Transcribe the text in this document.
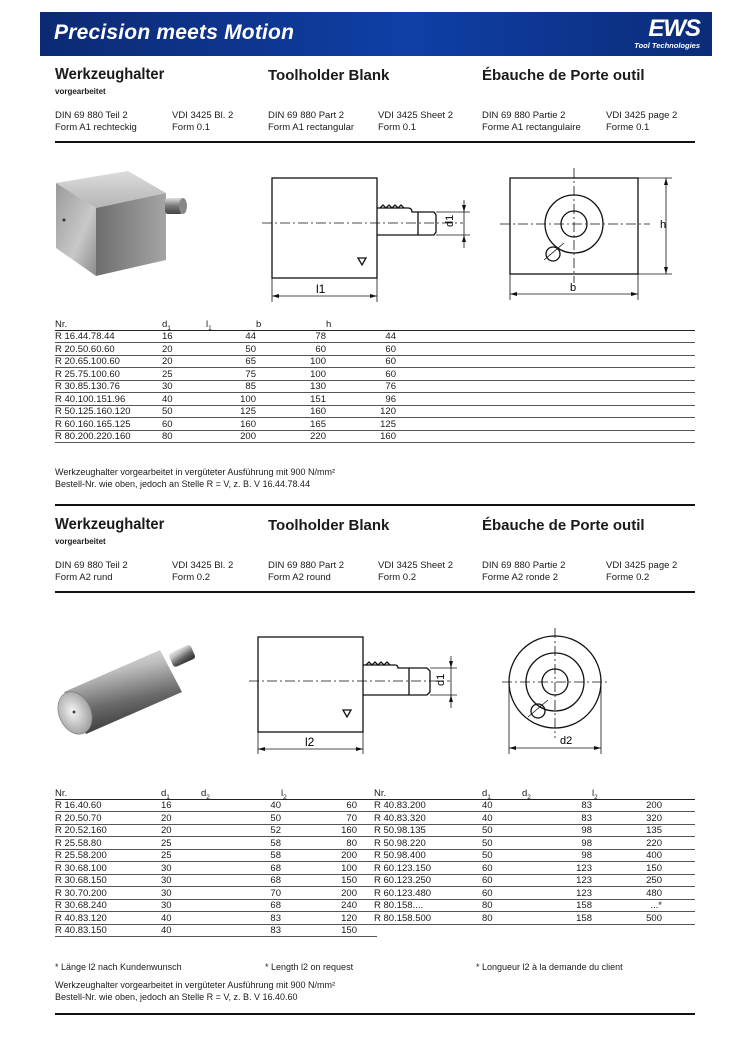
Precision meets Motion	EWS
Tool Technologies
Werkzeughalter
vorgearbeitet
Toolholder Blank	Ébauche de Porte outil
DIN 69 880 Teil 2
Form A1 rechteckig
VDI 3425 Bl. 2
Form 0.1
DIN 69 880 Part 2
Form A1 rectangular
VDI 3425 Sheet 2
Form 0.1
DIN 69 880 Partie 2
Forme A1 rectangulaire
VDI 3425 page 2
Forme 0.1
d1
l1
h
b
Nr.	$d_1$	$l_1$	b	h	
R 16.44.78.44	16	44	78	44	
R 20.50.60.60	20	50	60	60	
R 20.65.100.60	20	65	100	60	
R 25.75.100.60	25	75	100	60	
R 30.85.130.76	30	85	130	76	
R 40.100.151.96	40	100	151	96	
R 50.125.160.120	50	125	160	120	
R 60.160.165.125	60	160	165	125	
R 80.200.220.160	80	200	220	160	
Werkzeughalter vorgearbeitet in vergüteter Ausführung mit 900 N/mm²
Bestell-Nr. wie oben, jedoch an Stelle R = V, z. B. V 16.44.78.44
Werkzeughalter
vorgearbeitet
Toolholder Blank	Ébauche de Porte outil
DIN 69 880 Teil 2
Form A2 rund
VDI 3425 Bl. 2
Form 0.2
DIN 69 880 Part 2
Form A2 round
VDI 3425 Sheet 2
Form 0.2
DIN 69 880 Partie 2
Forme A2 ronde 2
VDI 3425 page 2
Forme 0.2
d1
l2	d2
Nr.	$d_1$	$d_2$	$l_2$	
R 16.40.60	16	40	60	
R 20.50.70	20	50	70	
R 20.52.160	20	52	160	
R 25.58.80	25	58	80	
R 25.58.200	25	58	200	
R 30.68.100	30	68	100	
R 30.68.150	30	68	150	
R 30.70.200	30	70	200	
R 30.68.240	30	68	240	
R 40.83.120	40	83	120	
R 40.83.150	40	83	150	
Nr.	$d_1$	$d_2$	$l_2$	
R 40.83.200	40	83	200	
R 40.83.320	40	83	320	
R 50.98.135	50	98	135	
R 50.98.220	50	98	220	
R 50.98.400	50	98	400	
R 60.123.150	60	123	150	
R 60.123.250	60	123	250	
R 60.123.480	60	123	480	
R 80.158....	80	158	...*	
R 80.158.500	80	158	500	
* Länge l2 nach Kundenwunsch	* Length l2 on request	* Longueur l2 à la demande du client
Werkzeughalter vorgearbeitet in vergüteter Ausführung mit 900 N/mm²
Bestell-Nr. wie oben, jedoch an Stelle R = V, z. B. V 16.40.60
